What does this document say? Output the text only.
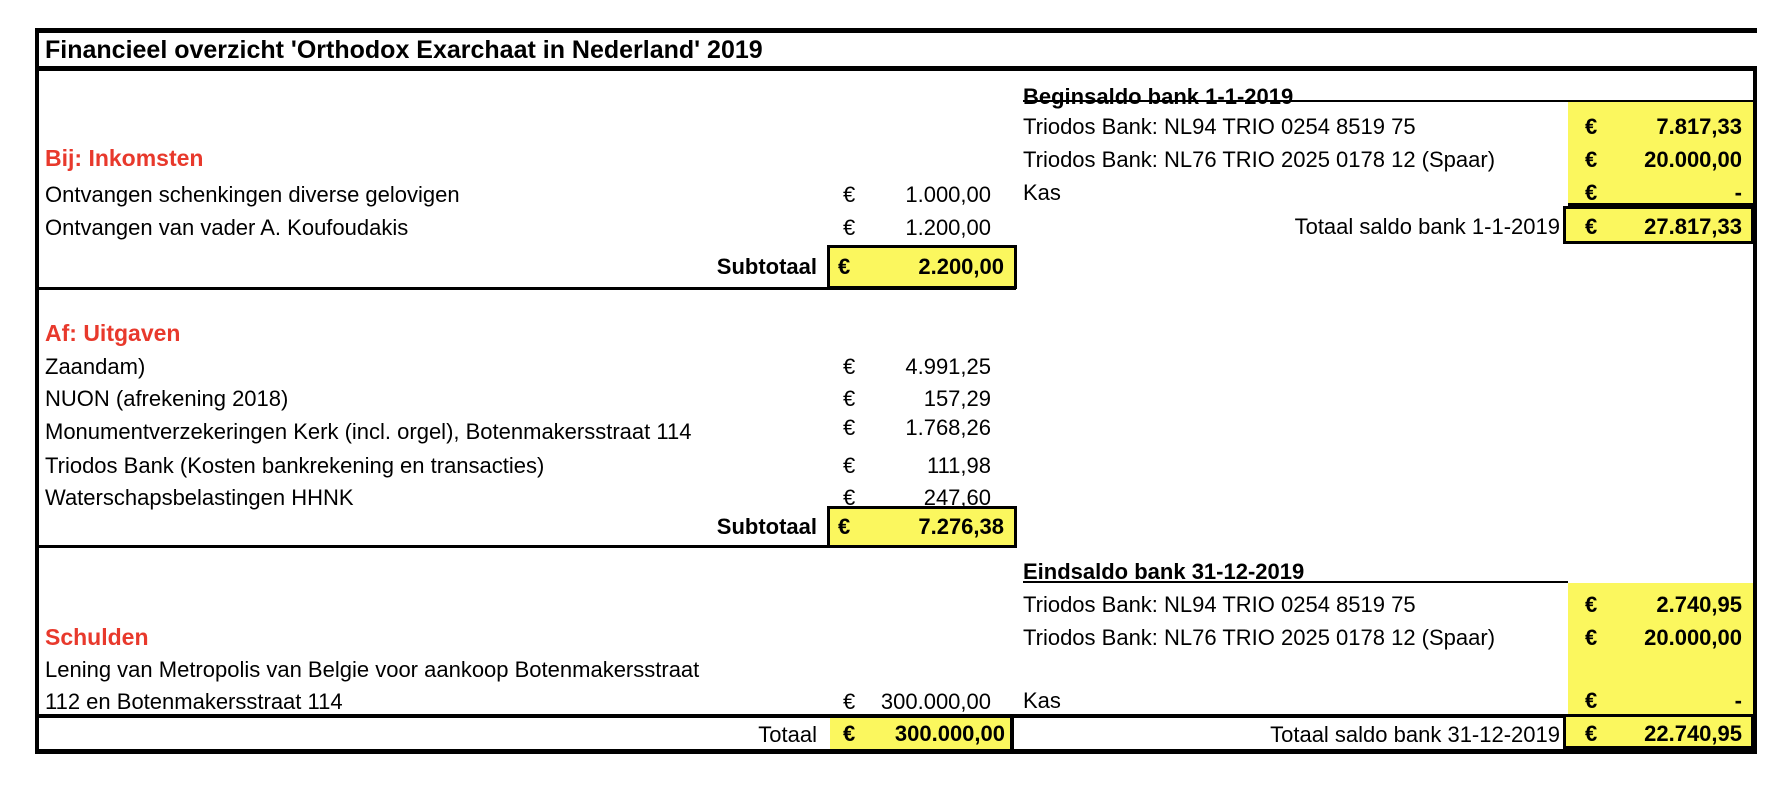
Financieel overzicht 'Orthodox Exarchaat in Nederland' 2019
Bij: Inkomsten
Ontvangen schenkingen diverse gelovigen	€ 1.000,00
Ontvangen van vader A. Koufoudakis	€ 1.200,00
Subtotaal €	2.200,00
Af: Uitgaven
Zaandam)	€ 4.991,25
NUON (afrekening 2018)	€	157,29
Monumentverzekeringen Kerk (incl. orgel), Botenmakersstraat 114	€ 1.768,26
Triodos Bank (Kosten bankrekening en transacties)	€	111,98
Waterschapsbelastingen HHNK	€	247,60
Subtotaal €	7.276,38
Schulden
Lening van Metropolis van Belgie voor aankoop Botenmakersstraat
112 en Botenmakersstraat 114	€ 300.000,00
Totaal € 300.000,00
Beginsaldo bank 1-1-2019
Triodos Bank: NL94 TRIO 0254 8519 75	€	7.817,33
Triodos Bank: NL76 TRIO 2025 0178 12 (Spaar)	€ 20.000,00
Kas	€	-
Totaal saldo bank 1-1-2019 € 27.817,33
Eindsaldo bank 31-12-2019
Triodos Bank: NL94 TRIO 0254 8519 75	€	2.740,95
Triodos Bank: NL76 TRIO 2025 0178 12 (Spaar)	€ 20.000,00
Kas	€	-
Totaal saldo bank 31-12-2019 € 22.740,95
